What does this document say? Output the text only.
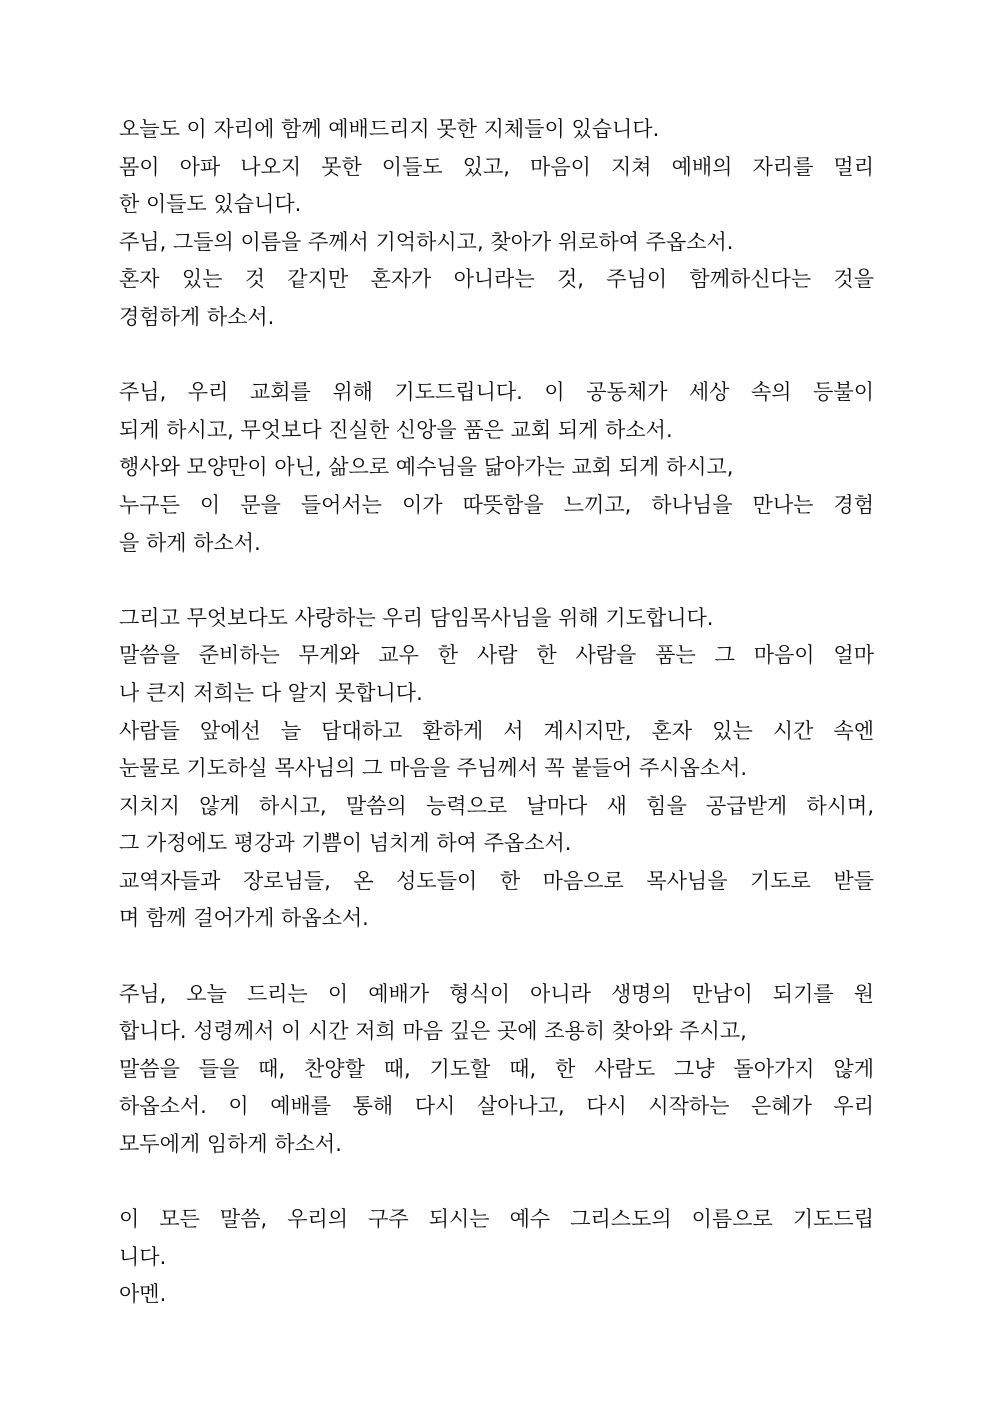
오늘도 이 자리에 함께 예배드리지 못한 지체들이 있습니다.
몸이 아파 나오지 못한 이들도 있고, 마음이 지쳐 예배의 자리를 멀리
한 이들도 있습니다.
주님, 그들의 이름을 주께서 기억하시고, 찾아가 위로하여 주옵소서.
혼자 있는 것 같지만 혼자가 아니라는 것, 주님이 함께하신다는 것을
경험하게 하소서.
주님, 우리 교회를 위해 기도드립니다. 이 공동체가 세상 속의 등불이
되게 하시고, 무엇보다 진실한 신앙을 품은 교회 되게 하소서.
행사와 모양만이 아닌, 삶으로 예수님을 닮아가는 교회 되게 하시고,
누구든 이 문을 들어서는 이가 따뜻함을 느끼고, 하나님을 만나는 경험
을 하게 하소서.
그리고 무엇보다도 사랑하는 우리 담임목사님을 위해 기도합니다.
말씀을 준비하는 무게와 교우 한 사람 한 사람을 품는 그 마음이 얼마
나 큰지 저희는 다 알지 못합니다.
사람들 앞에선 늘 담대하고 환하게 서 계시지만, 혼자 있는 시간 속엔
눈물로 기도하실 목사님의 그 마음을 주님께서 꼭 붙들어 주시옵소서.
지치지 않게 하시고, 말씀의 능력으로 날마다 새 힘을 공급받게 하시며,
그 가정에도 평강과 기쁨이 넘치게 하여 주옵소서.
교역자들과 장로님들, 온 성도들이 한 마음으로 목사님을 기도로 받들
며 함께 걸어가게 하옵소서.
주님, 오늘 드리는 이 예배가 형식이 아니라 생명의 만남이 되기를 원
합니다. 성령께서 이 시간 저희 마음 깊은 곳에 조용히 찾아와 주시고,
말씀을 들을 때, 찬양할 때, 기도할 때, 한 사람도 그냥 돌아가지 않게
하옵소서. 이 예배를 통해 다시 살아나고, 다시 시작하는 은혜가 우리
모두에게 임하게 하소서.
이 모든 말씀, 우리의 구주 되시는 예수 그리스도의 이름으로 기도드립
니다.
아멘.
